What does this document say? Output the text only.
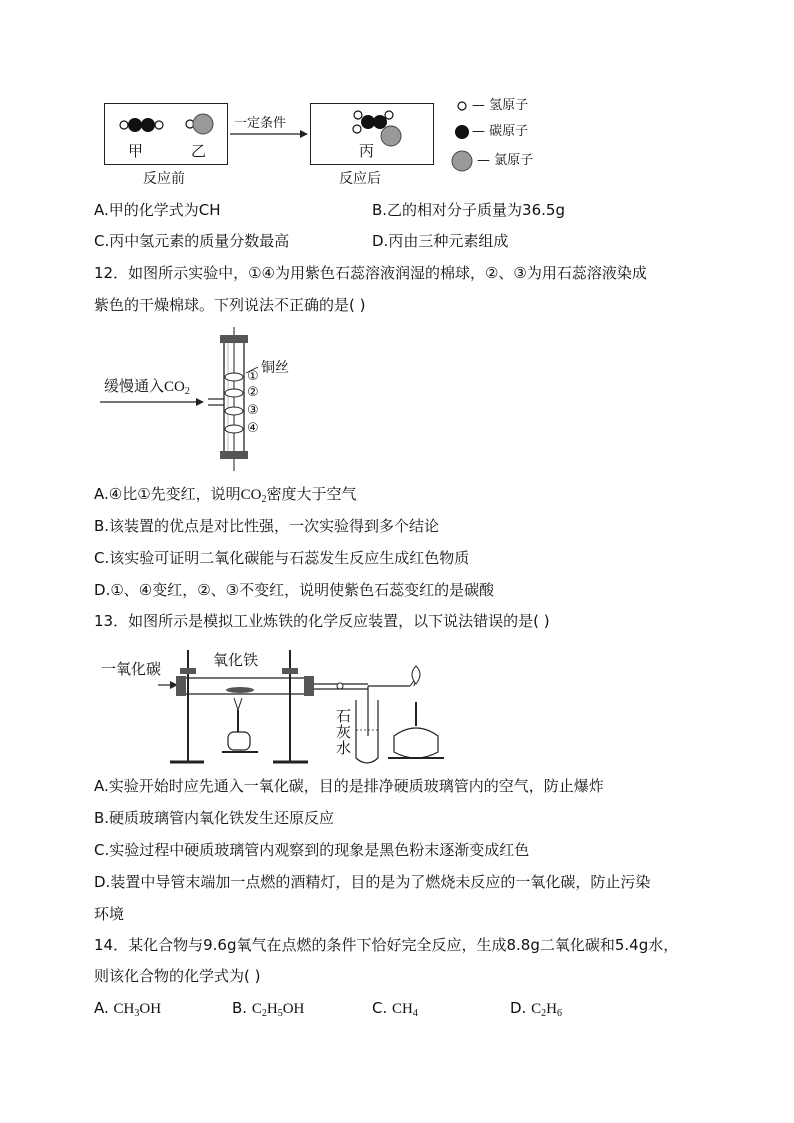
甲	乙
一定条件
丙
反应前	反应后
— 氢原子
— 碳原子
— 氯原子
A.甲的化学式为CH	B.乙的相对分子质量为36.5g
C.丙中氢元素的质量分数最高	D.丙由三种元素组成
12．如图所示实验中，①④为用紫色石蕊溶液润湿的棉球，②、③为用石蕊溶液染成
紫色的干燥棉球。下列说法不正确的是( )
缓慢通入$CO_2$
铜丝
①
②
③
④
A.④比①先变红，说明$CO_2$密度大于空气
B.该装置的优点是对比性强，一次实验得到多个结论
C.该实验可证明二氧化碳能与石蕊发生反应生成红色物质
D.①、④变红，②、③不变红，说明使紫色石蕊变红的是碳酸
13．如图所示是模拟工业炼铁的化学反应装置，以下说法错误的是( )
一氧化碳	氧化铁
石
灰
水
A.实验开始时应先通入一氧化碳，目的是排净硬质玻璃管内的空气，防止爆炸
B.硬质玻璃管内氧化铁发生还原反应
C.实验过程中硬质玻璃管内观察到的现象是黑色粉末逐渐变成红色
D.装置中导管末端加一点燃的酒精灯，目的是为了燃烧未反应的一氧化碳，防止污染
环境
14．某化合物与9.6g氧气在点燃的条件下恰好完全反应，生成8.8g二氧化碳和5.4g水，
则该化合物的化学式为( )
A. $CH_3OH$	B. $C_2H_5OH$	C. $CH_4$	D. $C_2H_6$
